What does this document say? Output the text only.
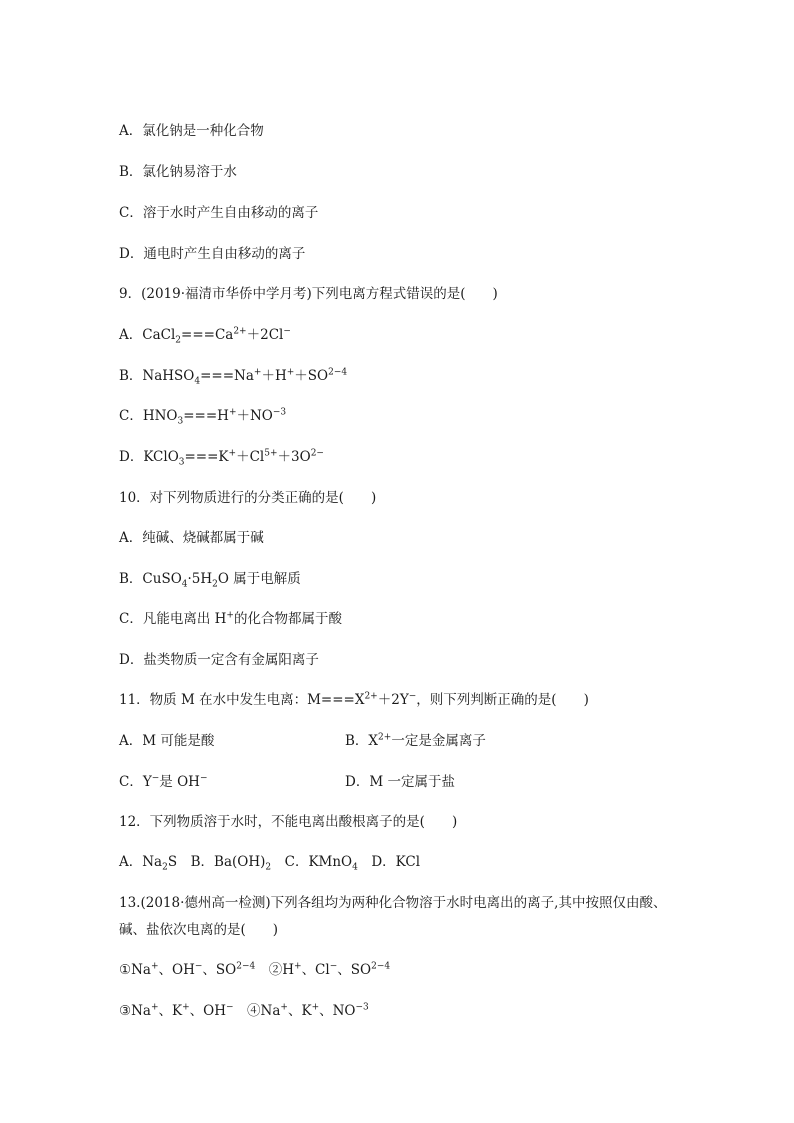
A．氯化钠是一种化合物
B．氯化钠易溶于水
C．溶于水时产生自由移动的离子
D．通电时产生自由移动的离子
9．(2019·福清市华侨中学月考)下列电离方程式错误的是(　　)
A．$CaCl_2===Ca^{2+}+2Cl^-$
B．$NaHSO_4===Na^++H^++SO^{2-4}$
C．$HNO_3===H^++NO^{-3}$
D．$KClO_3===K^++Cl^{5+}+3O^{2-}$
10．对下列物质进行的分类正确的是(　　)
A．纯碱、烧碱都属于碱
B．$CuSO_4\cdot 5H_2O$ 属于电解质
C．凡能电离出 H+的化合物都属于酸
D．盐类物质一定含有金属阳离子
11．物质 M 在水中发生电离：$M===X^{2+}+2Y^-$，则下列判断正确的是(　　)
A．M 可能是酸	B．$X^{2+}$一定是金属离子
C．Y−是 OH−	D．M 一定属于盐
12．下列物质溶于水时，不能电离出酸根离子的是(　　)
A．$Na_2S$　B．$Ba(OH)_2$　C．KMnO$_4$　D．KCl
13.(2018·德州高一检测)下列各组均为两种化合物溶于水时电离出的离子,其中按照仅由酸、
碱、盐依次电离的是(　　)
①Na+、OH−、$SO^{2-4}$　②H+、Cl−、$SO^{2-4}$
③Na+、K+、OH−　④Na+、K+、$NO^{-3}$
